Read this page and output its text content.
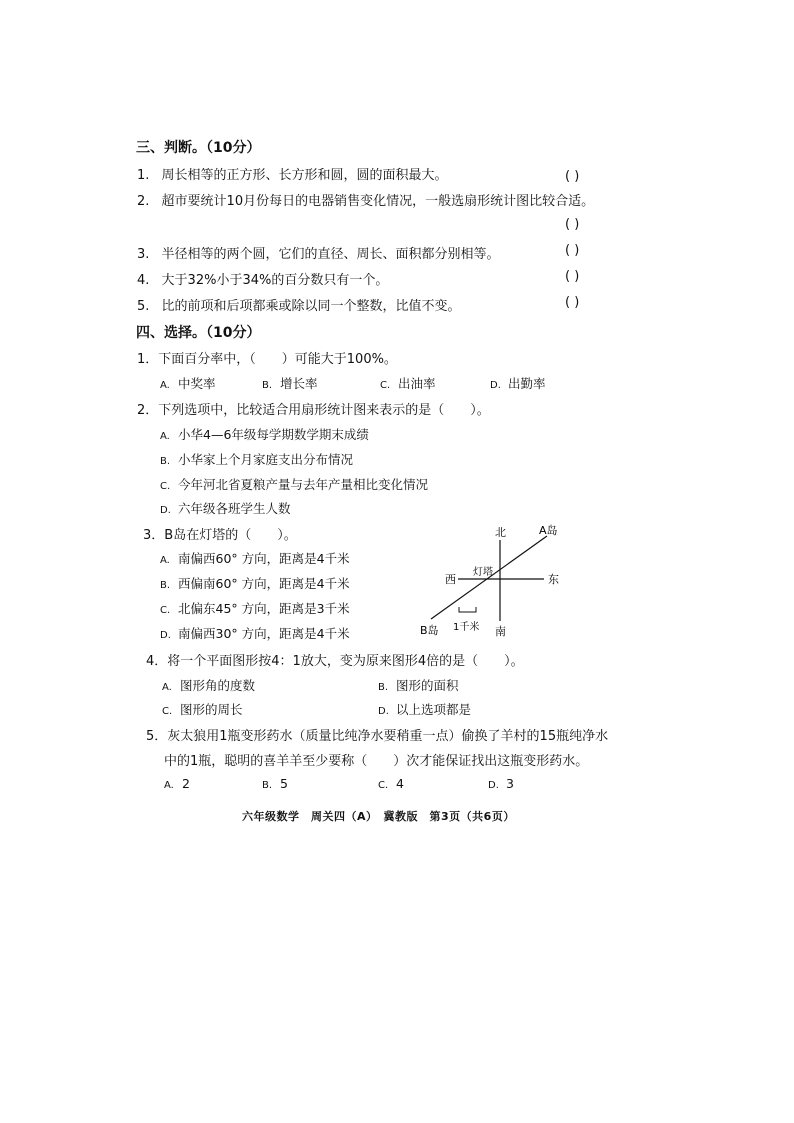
三、判断。（10分）
1. 周长相等的正方形、长方形和圆，圆的面积最大。	( )
2. 超市要统计10月份每日的电器销售变化情况，一般选扇形统计图比较合适。
( )
3. 半径相等的两个圆，它们的直径、周长、面积都分别相等。	( )
4. 大于32%小于34%的百分数只有一个。	( )
5. 比的前项和后项都乘或除以同一个整数，比值不变。	( )
四、选择。（10分）
1．下面百分率中，（　　）可能大于100%。
A. 中奖率	B. 增长率	C. 出油率	D. 出勤率
2．下列选项中，比较适合用扇形统计图来表示的是（　　）。
A. 小华4—6年级每学期数学期末成绩
B. 小华家上个月家庭支出分布情况
C. 今年河北省夏粮产量与去年产量相比变化情况
D. 六年级各班学生人数
3．B岛在灯塔的（　　）。
A. 南偏西60° 方向，距离是4千米
B. 西偏南60° 方向，距离是4千米
C. 北偏东45° 方向，距离是3千米
D. 南偏西30° 方向，距离是4千米
北
南
东
西
灯塔
A岛
B岛 1千米
4．将一个平面图形按4：1放大，变为原来图形4倍的是（　　）。
A. 图形角的度数	B. 图形的面积
C. 图形的周长	D. 以上选项都是
5．灰太狼用1瓶变形药水（质量比纯净水要稍重一点）偷换了羊村的15瓶纯净水
中的1瓶，聪明的喜羊羊至少要称（　　）次才能保证找出这瓶变形药水。
A. 2	B. 5	C. 4	D. 3
六年级数学　周关四（A）　冀教版　第3页（共6页）
